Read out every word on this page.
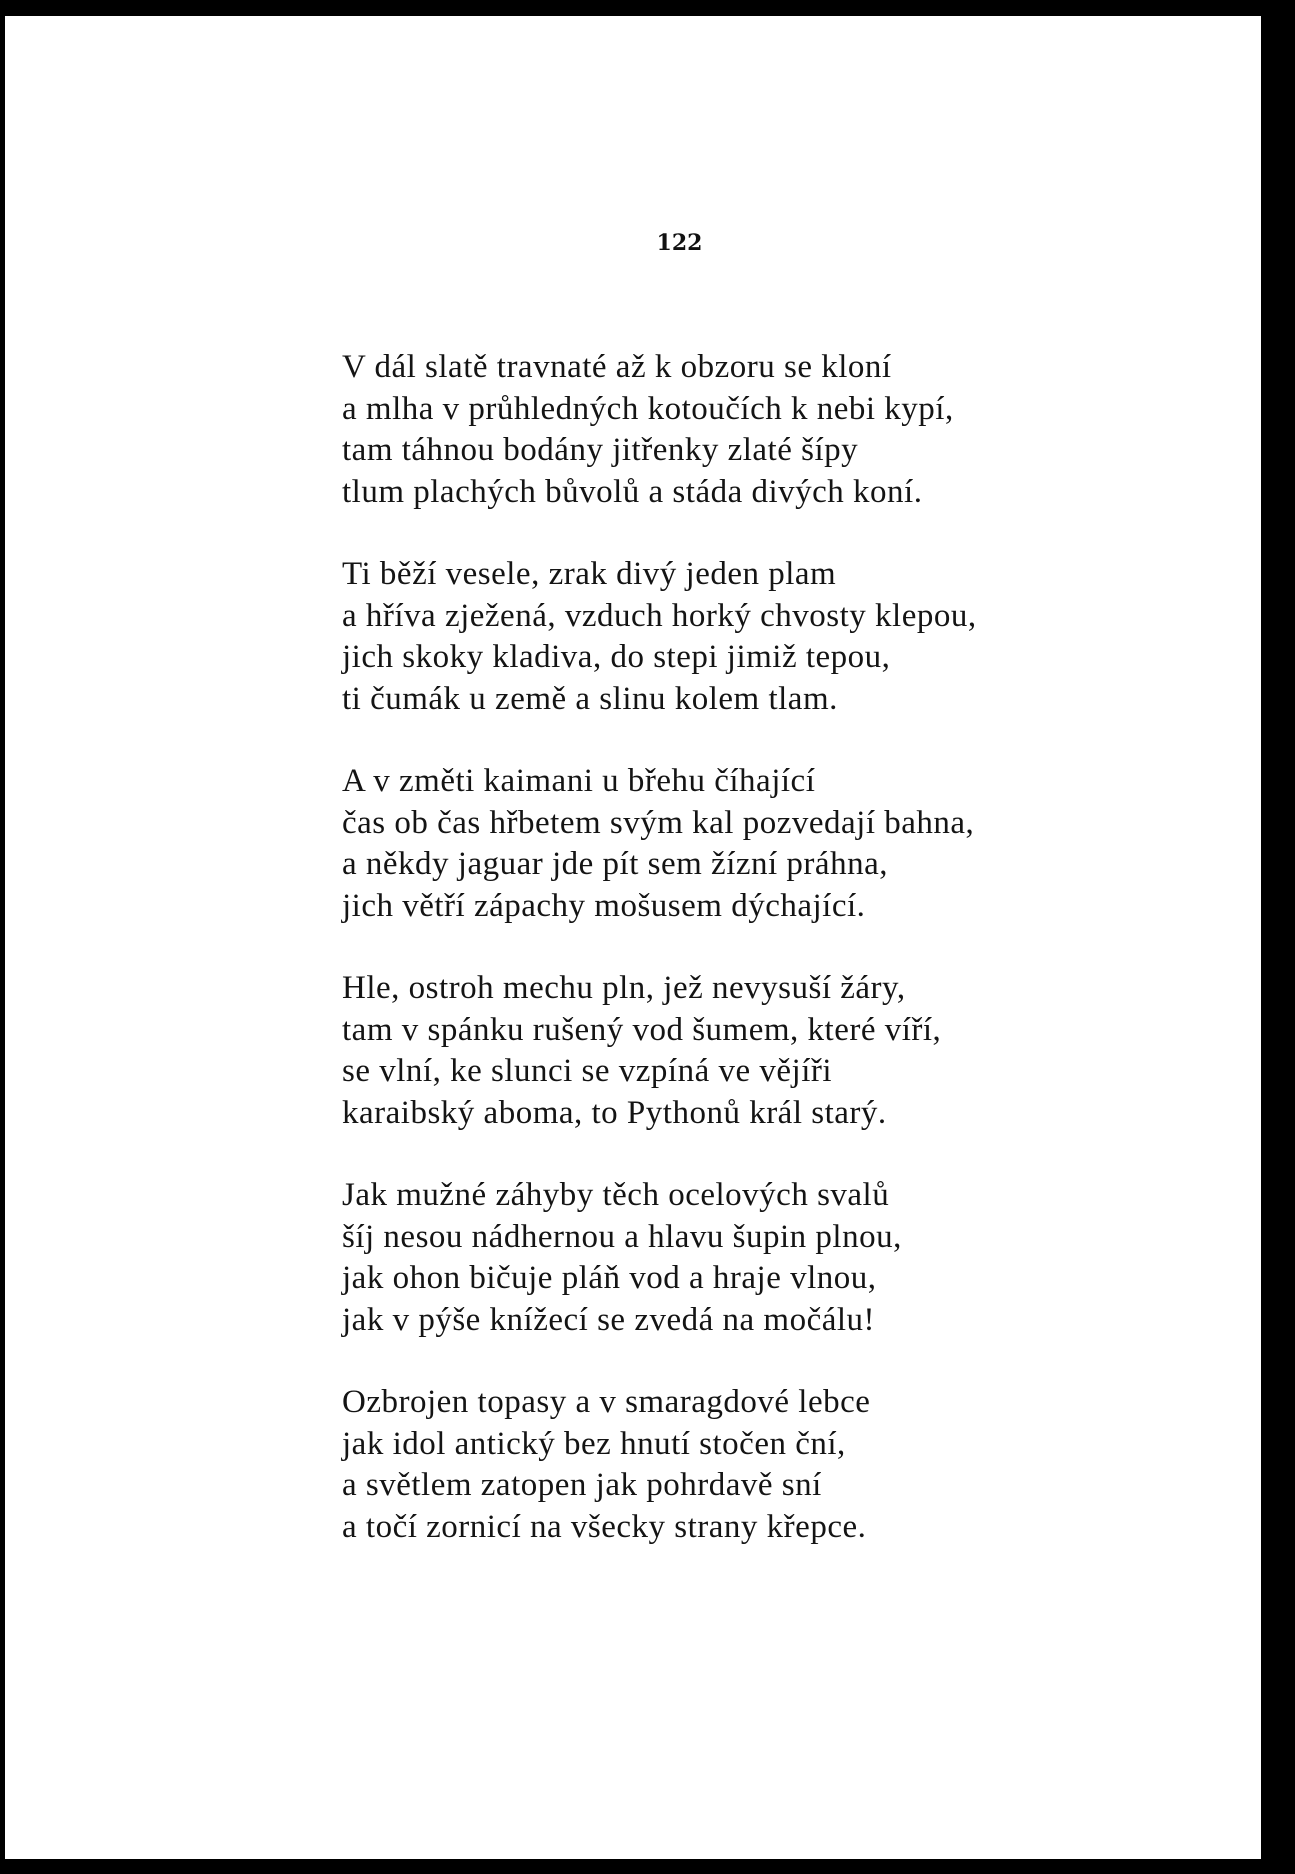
122
V dál slatě travnaté až k obzoru se kloní
a mlha v průhledných kotoučích k nebi kypí,
tam táhnou bodány jitřenky zlaté šípy
tlum plachých bůvolů a stáda divých koní.
Ti běží vesele, zrak divý jeden plam
a hříva zježená, vzduch horký chvosty klepou,
jich skoky kladiva, do stepi jimiž tepou,
ti čumák u země a slinu kolem tlam.
A v změti kaimani u břehu číhající
čas ob čas hřbetem svým kal pozvedají bahna,
a někdy jaguar jde pít sem žízní práhna,
jich větří zápachy mošusem dýchající.
Hle, ostroh mechu pln, jež nevysuší žáry,
tam v spánku rušený vod šumem, které víří,
se vlní, ke slunci se vzpíná ve vějíři
karaibský aboma, to Pythonů král starý.
Jak mužné záhyby těch ocelových svalů
šíj nesou nádhernou a hlavu šupin plnou,
jak ohon bičuje pláň vod a hraje vlnou,
jak v pýše knížecí se zvedá na močálu!
Ozbrojen topasy a v smaragdové lebce
jak idol antický bez hnutí stočen ční,
a světlem zatopen jak pohrdavě sní
a točí zornicí na všecky strany křepce.
